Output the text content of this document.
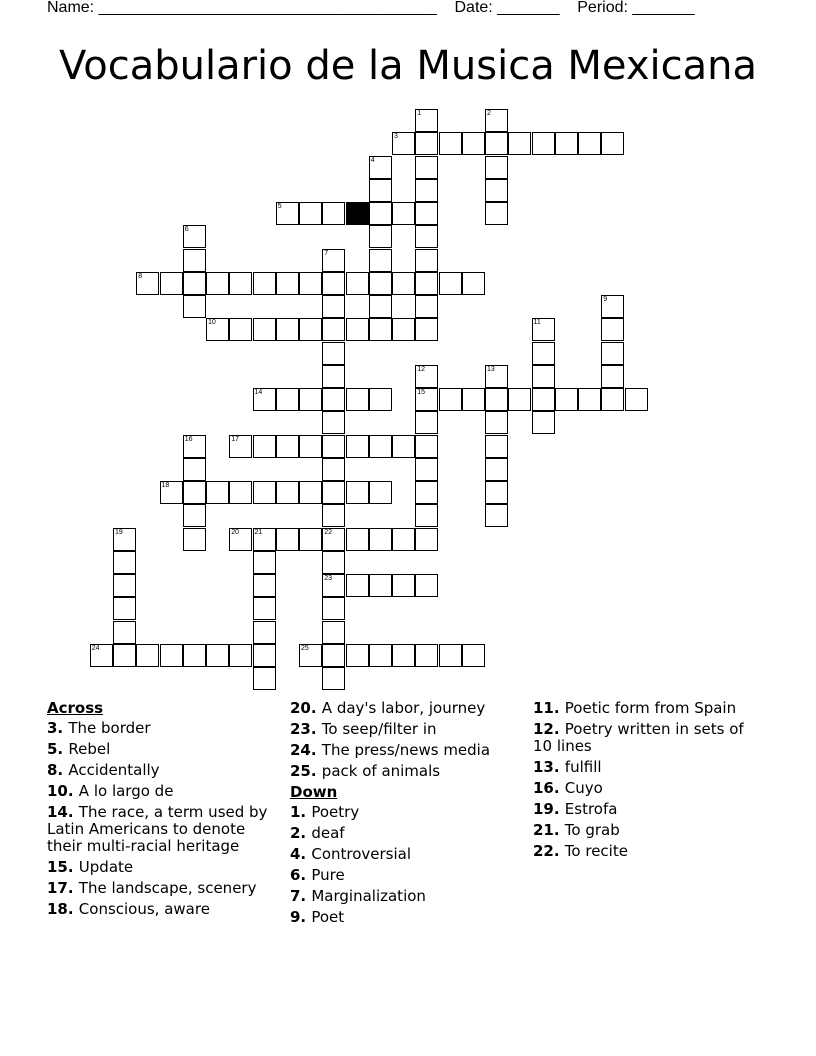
Name: ______________________________________    Date: _______    Period: _______
Vocabulario de la Musica Mexicana
1	2
3
4
5
6
7
22
23
8
9
10	11
12
15
13
14
16	17
18
19	20 21
24	25
Across
3. The border
5. Rebel
8. Accidentally
10. A lo largo de
14. The race, a term used by Latin Americans to denote their multi-racial heritage
15. Update
17. The landscape, scenery
18. Conscious, aware
20. A day's labor, journey
23. To seep/filter in
24. The press/news media
25. pack of animals
Down
1. Poetry
2. deaf
4. Controversial
6. Pure
7. Marginalization
9. Poet
11. Poetic form from Spain
12. Poetry written in sets of 10 lines
13. fulfill
16. Cuyo
19. Estrofa
21. To grab
22. To recite
